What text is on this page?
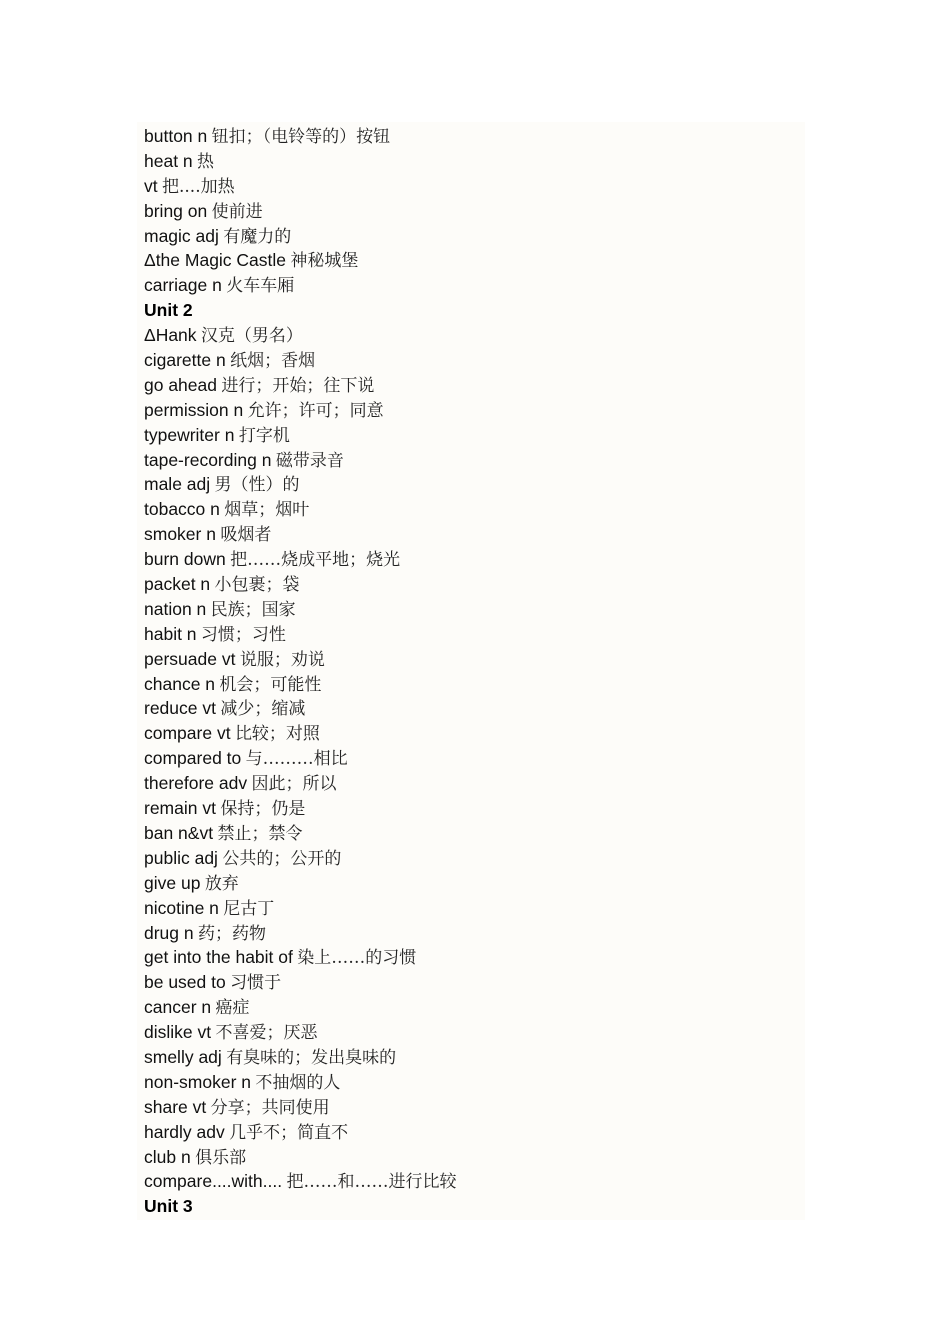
button n 钮扣；（电铃等的）按钮
heat n 热
vt 把....加热
bring on 使前进
magic adj 有魔力的
Δthe Magic Castle 神秘城堡
carriage n 火车车厢
Unit 2
ΔHank 汉克（男名）
cigarette n 纸烟；香烟
go ahead 进行；开始；往下说
permission n 允许；许可；同意
typewriter n 打字机
tape-recording n 磁带录音
male adj 男（性）的
tobacco n 烟草；烟叶
smoker n 吸烟者
burn down 把……烧成平地；烧光
packet n 小包裹；袋
nation n 民族；国家
habit n 习惯；习性
persuade vt 说服；劝说
chance n 机会；可能性
reduce vt 减少；缩减
compare vt 比较；对照
compared to 与………相比
therefore adv 因此；所以
remain vt 保持；仍是
ban n&vt 禁止；禁令
public adj 公共的；公开的
give up 放弃
nicotine n 尼古丁
drug n 药；药物
get into the habit of 染上……的习惯
be used to 习惯于
cancer n 癌症
dislike vt 不喜爱；厌恶
smelly adj 有臭味的；发出臭味的
non-smoker n 不抽烟的人
share vt 分享；共同使用
hardly adv 几乎不；简直不
club n 俱乐部
compare....with.... 把……和……进行比较
Unit 3
